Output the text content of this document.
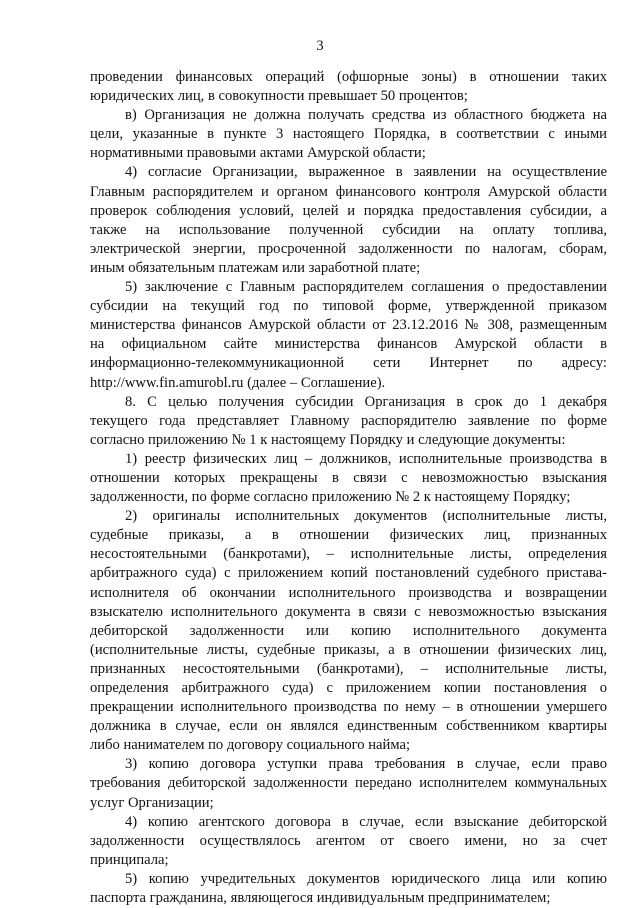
3
проведении финансовых операций (офшорные зоны) в отношении таких
юридических лиц, в совокупности превышает 50 процентов;
в) Организация не должна получать средства из областного бюджета на
цели, указанные в пункте 3 настоящего Порядка, в соответствии с иными
нормативными правовыми актами Амурской области;
4) согласие Организации, выраженное в заявлении на осуществление
Главным распорядителем и органом финансового контроля Амурской области
проверок соблюдения условий, целей и порядка предоставления субсидии, а
также на использование полученной субсидии на оплату топлива,
электрической энергии, просроченной задолженности по налогам, сборам,
иным обязательным платежам или заработной плате;
5) заключение с Главным распорядителем соглашения о предоставлении
субсидии на текущий год по типовой форме, утвержденной приказом
министерства финансов Амурской области от 23.12.2016 № 308, размещенным
на официальном сайте министерства финансов Амурской области в
информационно-телекоммуникационной сети Интернет по адресу:
http://www.fin.amurobl.ru (далее – Соглашение).
8. С целью получения субсидии Организация в срок до 1 декабря
текущего года представляет Главному распорядителю заявление по форме
согласно приложению № 1 к настоящему Порядку и следующие документы:
1) реестр физических лиц – должников, исполнительные производства в
отношении которых прекращены в связи с невозможностью взыскания
задолженности, по форме согласно приложению № 2 к настоящему Порядку;
2) оригиналы исполнительных документов (исполнительные листы,
судебные приказы, а в отношении физических лиц, признанных
несостоятельными (банкротами), – исполнительные листы, определения
арбитражного суда) с приложением копий постановлений судебного пристава-
исполнителя об окончании исполнительного производства и возвращении
взыскателю исполнительного документа в связи с невозможностью взыскания
дебиторской задолженности или копию исполнительного документа
(исполнительные листы, судебные приказы, а в отношении физических лиц,
признанных несостоятельными (банкротами), – исполнительные листы,
определения арбитражного суда) с приложением копии постановления о
прекращении исполнительного производства по нему – в отношении умершего
должника в случае, если он являлся единственным собственником квартиры
либо нанимателем по договору социального найма;
3) копию договора уступки права требования в случае, если право
требования дебиторской задолженности передано исполнителем коммунальных
услуг Организации;
4) копию агентского договора в случае, если взыскание дебиторской
задолженности осуществлялось агентом от своего имени, но за счет
принципала;
5) копию учредительных документов юридического лица или копию
паспорта гражданина, являющегося индивидуальным предпринимателем;
